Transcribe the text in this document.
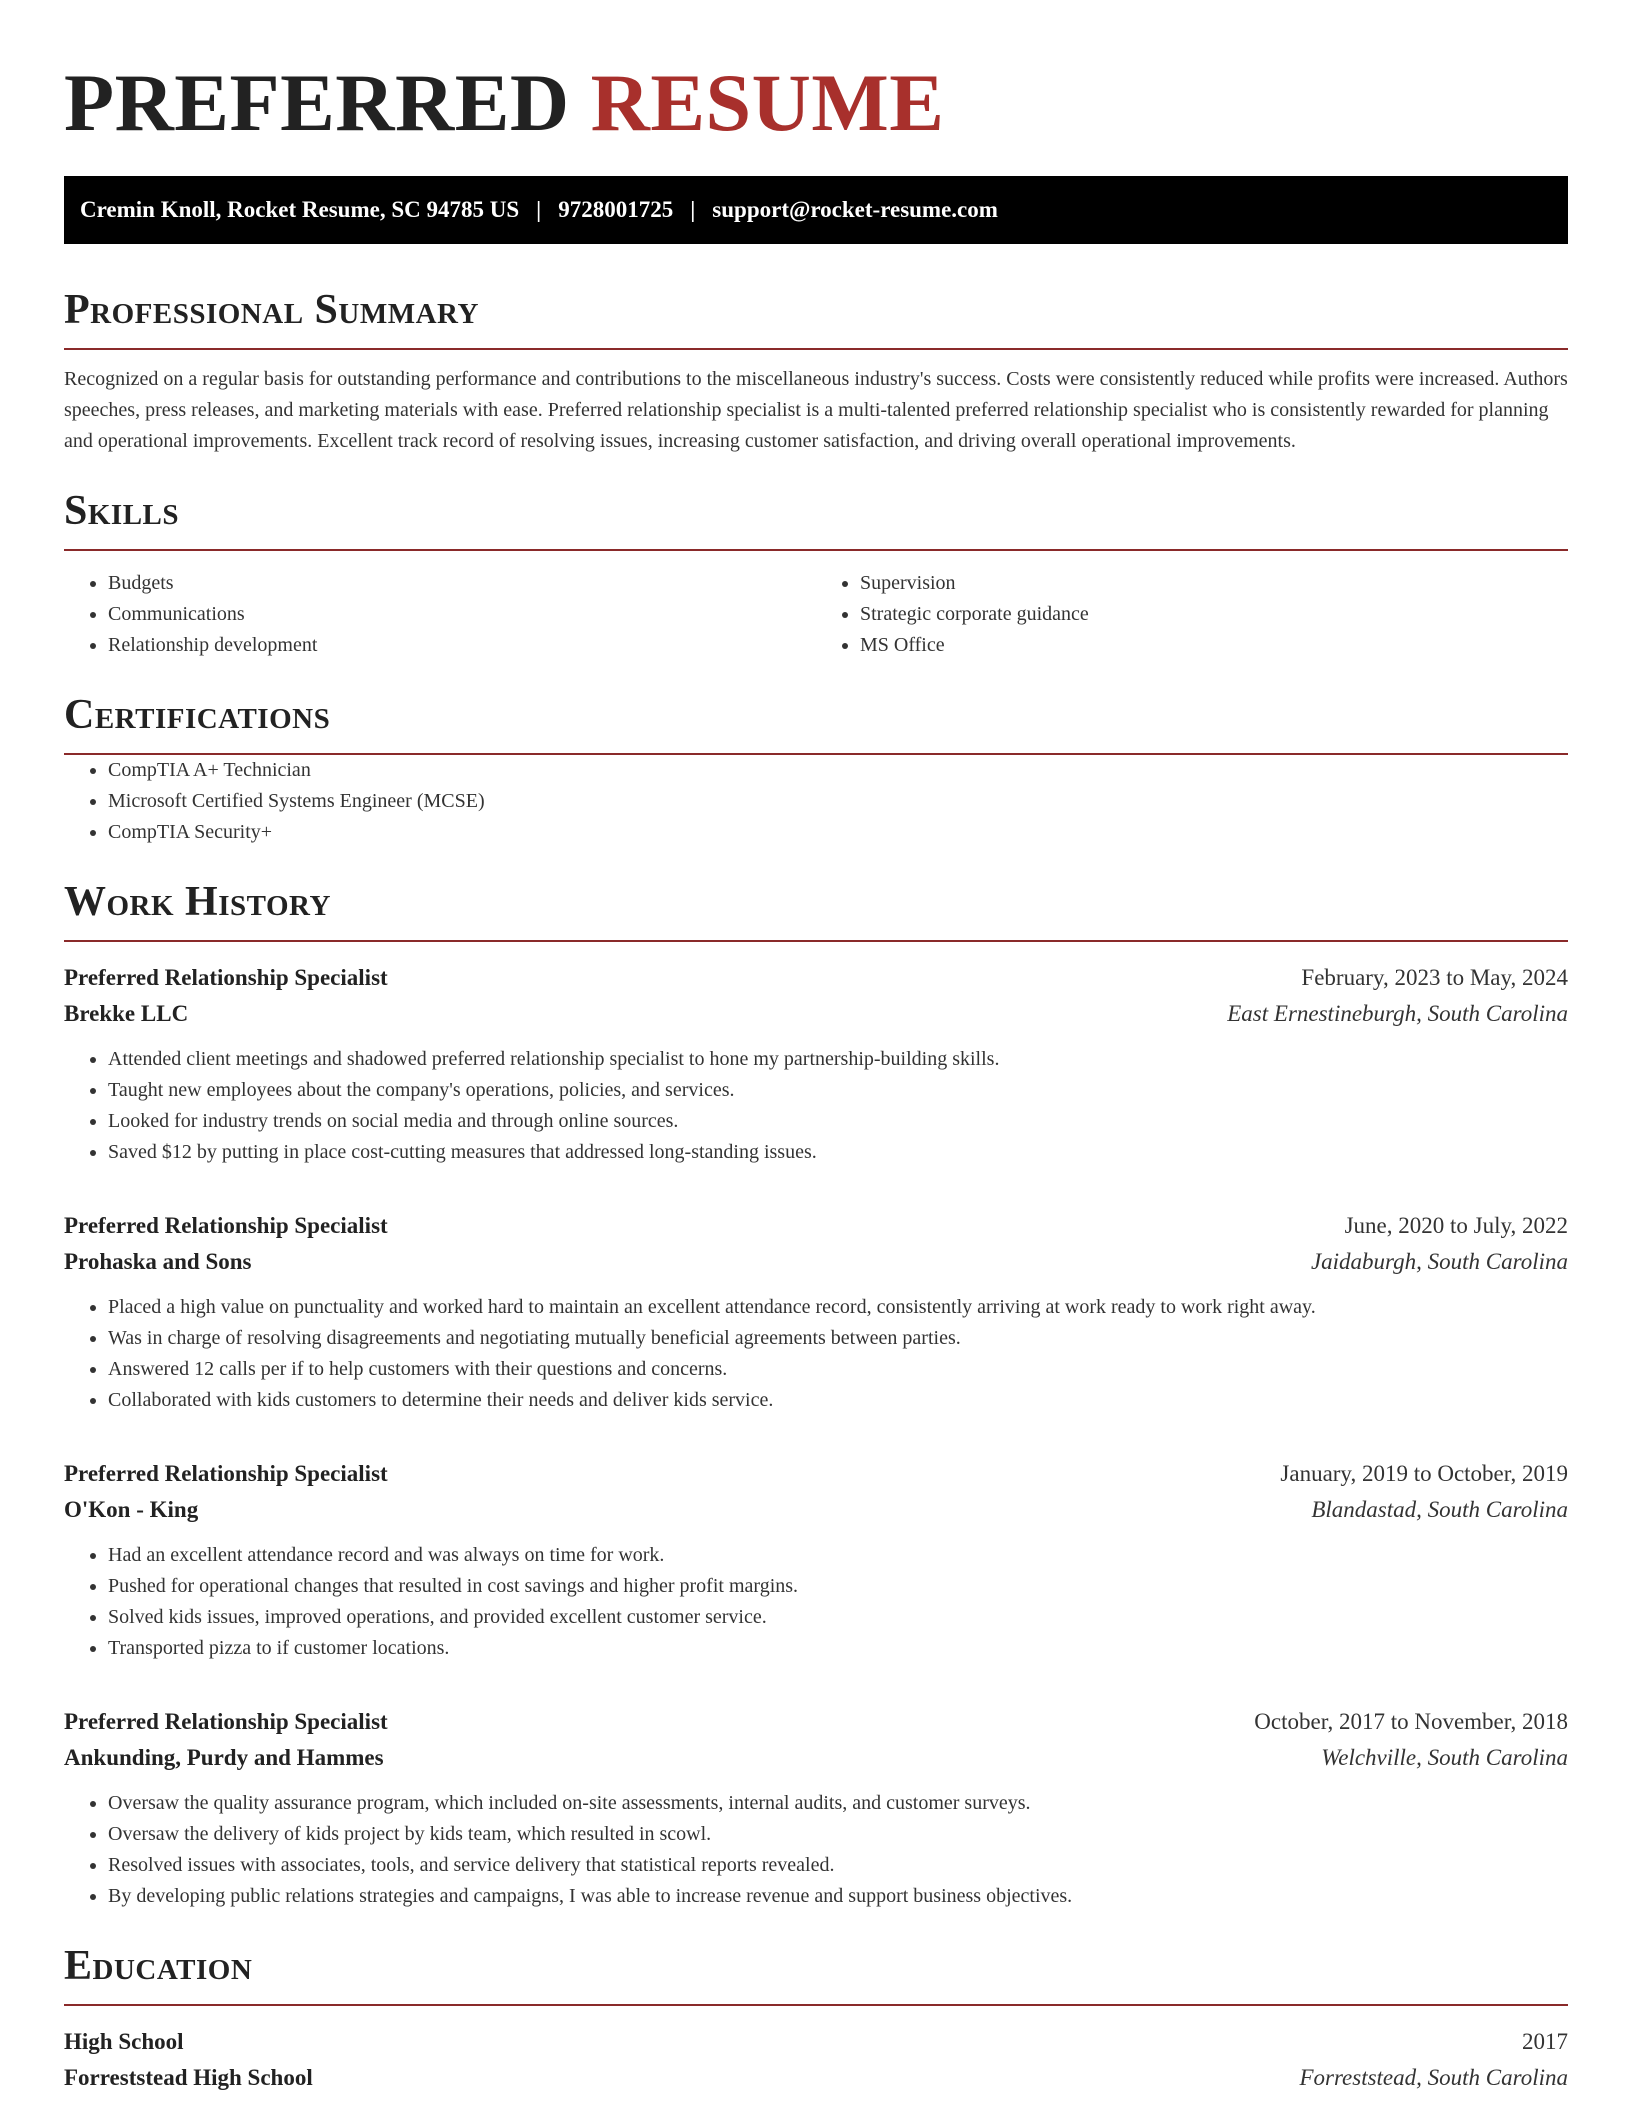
PREFERRED RESUME
Cremin Knoll, Rocket Resume, SC 94785 US | 9728001725 | support@rocket-resume.com
Professional Summary

Recognized on a regular basis for outstanding performance and contributions to the miscellaneous industry's success. Costs were consistently reduced while profits were increased. Authors speeches, press releases, and marketing materials with ease. Preferred relationship specialist is a multi-talented preferred relationship specialist who is consistently rewarded for planning and operational improvements. Excellent track record of resolving issues, increasing customer satisfaction, and driving overall operational improvements.

Skills
• Budgets
• Communications
• Relationship development
• Supervision
• Strategic corporate guidance
• MS Office
Certifications
• CompTIA A+ Technician
• Microsoft Certified Systems Engineer (MCSE)
• CompTIA Security+
Work History
Preferred Relationship Specialist	February, 2023 to May, 2024
Brekke LLC	East Ernestineburgh, South Carolina
• Attended client meetings and shadowed preferred relationship specialist to hone my partnership-building skills.
• Taught new employees about the company's operations, policies, and services.
• Looked for industry trends on social media and through online sources.
• Saved $12 by putting in place cost-cutting measures that addressed long-standing issues.
Preferred Relationship Specialist	June, 2020 to July, 2022
Prohaska and Sons	Jaidaburgh, South Carolina
• Placed a high value on punctuality and worked hard to maintain an excellent attendance record, consistently arriving at work ready to work right away.
• Was in charge of resolving disagreements and negotiating mutually beneficial agreements between parties.
• Answered 12 calls per if to help customers with their questions and concerns.
• Collaborated with kids customers to determine their needs and deliver kids service.
Preferred Relationship Specialist	January, 2019 to October, 2019
O'Kon - King	Blandastad, South Carolina
• Had an excellent attendance record and was always on time for work.
• Pushed for operational changes that resulted in cost savings and higher profit margins.
• Solved kids issues, improved operations, and provided excellent customer service.
• Transported pizza to if customer locations.
Preferred Relationship Specialist	October, 2017 to November, 2018
Ankunding, Purdy and Hammes	Welchville, South Carolina
• Oversaw the quality assurance program, which included on-site assessments, internal audits, and customer surveys.
• Oversaw the delivery of kids project by kids team, which resulted in scowl.
• Resolved issues with associates, tools, and service delivery that statistical reports revealed.
• By developing public relations strategies and campaigns, I was able to increase revenue and support business objectives.
Education
High School	2017
Forreststead High School	Forreststead, South Carolina
